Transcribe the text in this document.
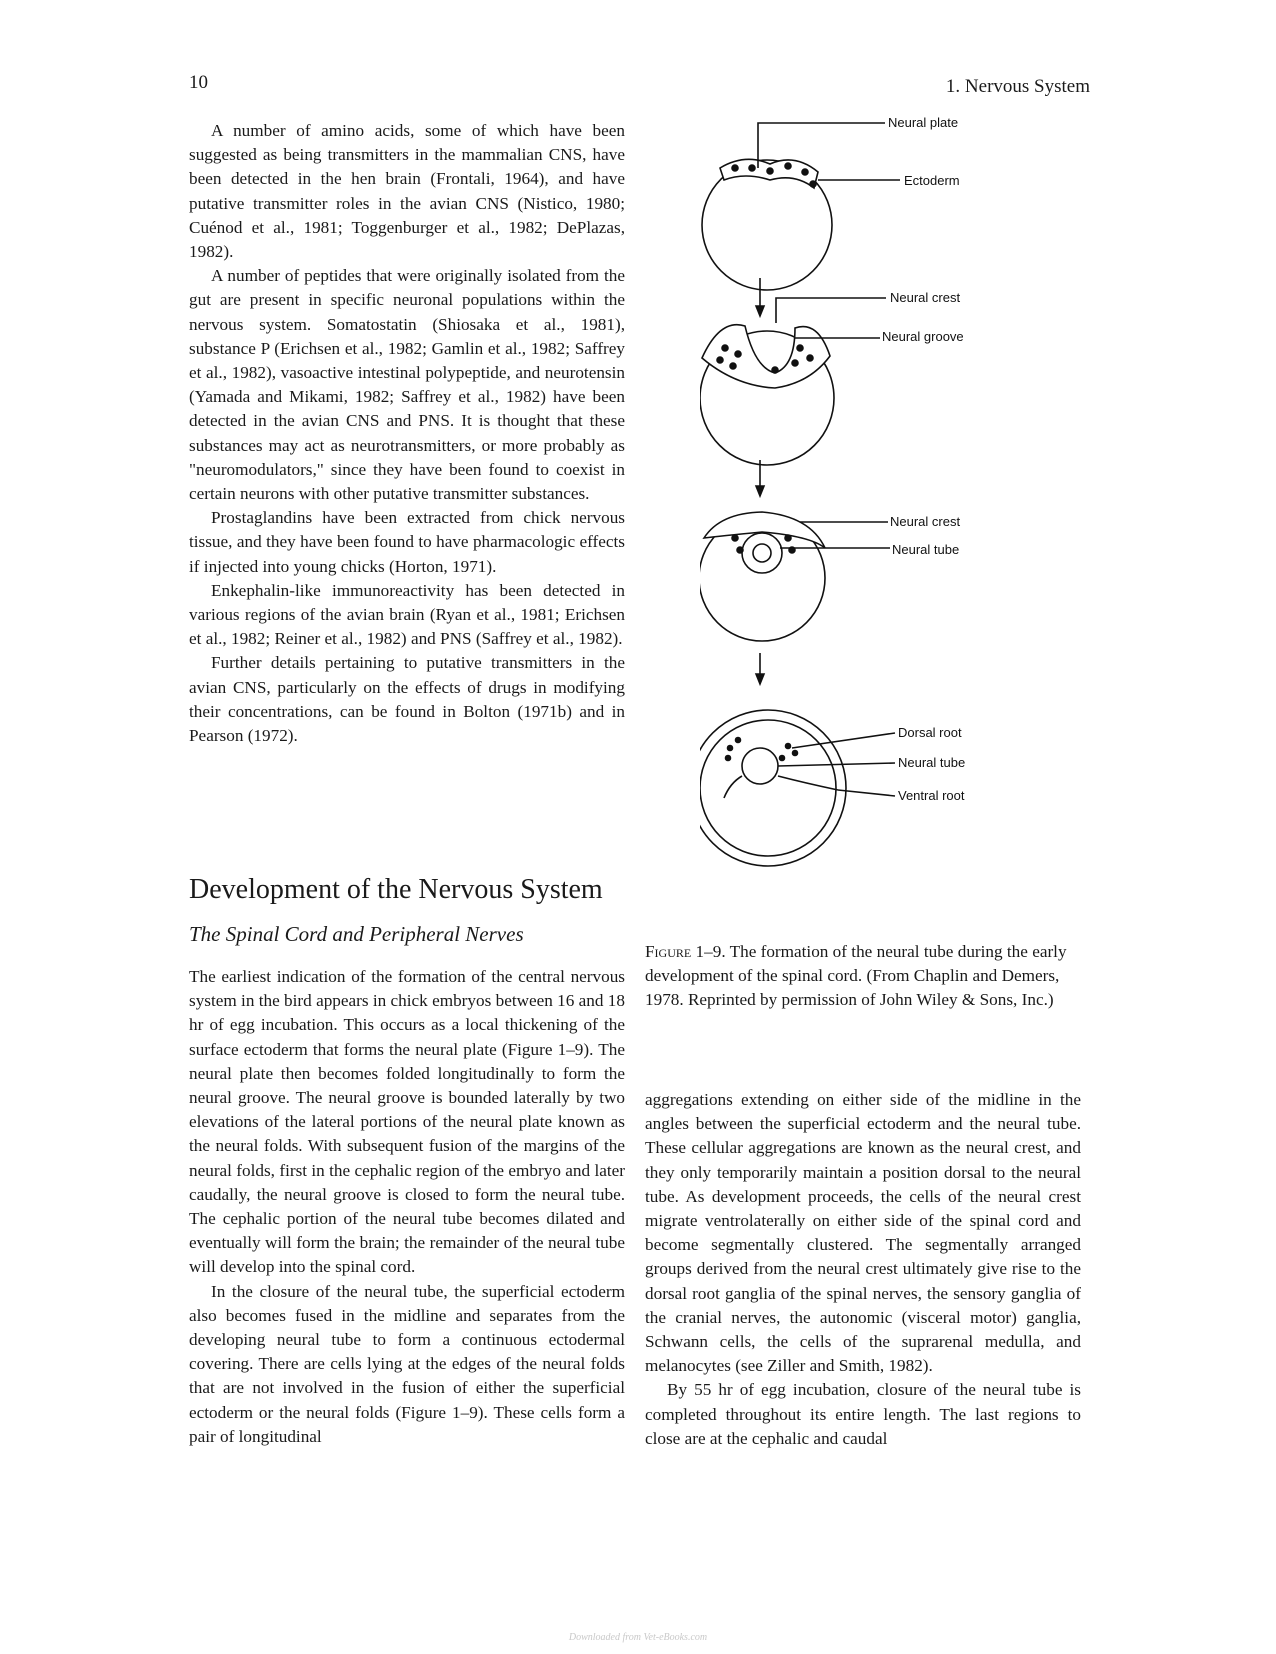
10	1. Nervous System

A number of amino acids, some of which have been suggested as being transmitters in the mammalian CNS, have been detected in the hen brain (Frontali, 1964), and have putative transmitter roles in the avian CNS (Nistico, 1980; Cuénod et al., 1981; Toggenburger et al., 1982; DePlazas, 1982).

A number of peptides that were originally isolated from the gut are present in specific neuronal populations within the nervous system. Somatostatin (Shiosaka et al., 1981), substance P (Erichsen et al., 1982; Gamlin et al., 1982; Saffrey et al., 1982), vasoactive intestinal polypeptide, and neurotensin (Yamada and Mikami, 1982; Saffrey et al., 1982) have been detected in the avian CNS and PNS. It is thought that these substances may act as neurotransmitters, or more probably as "neuromodulators," since they have been found to coexist in certain neurons with other putative transmitter substances.

Prostaglandins have been extracted from chick nervous tissue, and they have been found to have pharmacologic effects if injected into young chicks (Horton, 1971).

Enkephalin-like immunoreactivity has been detected in various regions of the avian brain (Ryan et al., 1981; Erichsen et al., 1982; Reiner et al., 1982) and PNS (Saffrey et al., 1982).

Further details pertaining to putative transmitters in the avian CNS, particularly on the effects of drugs in modifying their concentrations, can be found in Bolton (1971b) and in Pearson (1972).

Development of the Nervous System
The Spinal Cord and Peripheral Nerves

The earliest indication of the formation of the central nervous system in the bird appears in chick embryos between 16 and 18 hr of egg incubation. This occurs as a local thickening of the surface ectoderm that forms the neural plate (Figure 1–9). The neural plate then becomes folded longitudinally to form the neural groove. The neural groove is bounded laterally by two elevations of the lateral portions of the neural plate known as the neural folds. With subsequent fusion of the margins of the neural folds, first in the cephalic region of the embryo and later caudally, the neural groove is closed to form the neural tube. The cephalic portion of the neural tube becomes dilated and eventually will form the brain; the remainder of the neural tube will develop into the spinal cord.

In the closure of the neural tube, the superficial ectoderm also becomes fused in the midline and separates from the developing neural tube to form a continuous ectodermal covering. There are cells lying at the edges of the neural folds that are not involved in the fusion of either the superficial ectoderm or the neural folds (Figure 1–9). These cells form a pair of longitudinal

Neural plate
Ectoderm
Neural crest
Neural groove
Neural crest
Neural tube
Dorsal root
Neural tube
Ventral root
Figure 1–9. The formation of the neural tube during the early development of the spinal cord. (From Chaplin and Demers, 1978. Reprinted by permission of John Wiley & Sons, Inc.)

aggregations extending on either side of the midline in the angles between the superficial ectoderm and the neural tube. These cellular aggregations are known as the neural crest, and they only temporarily maintain a position dorsal to the neural tube. As development proceeds, the cells of the neural crest migrate ventrolaterally on either side of the spinal cord and become segmentally clustered. The segmentally arranged groups derived from the neural crest ultimately give rise to the dorsal root ganglia of the spinal nerves, the sensory ganglia of the cranial nerves, the autonomic (visceral motor) ganglia, Schwann cells, the cells of the suprarenal medulla, and melanocytes (see Ziller and Smith, 1982).

By 55 hr of egg incubation, closure of the neural tube is completed throughout its entire length. The last regions to close are at the cephalic and caudal

Downloaded from Vet-eBooks.com
